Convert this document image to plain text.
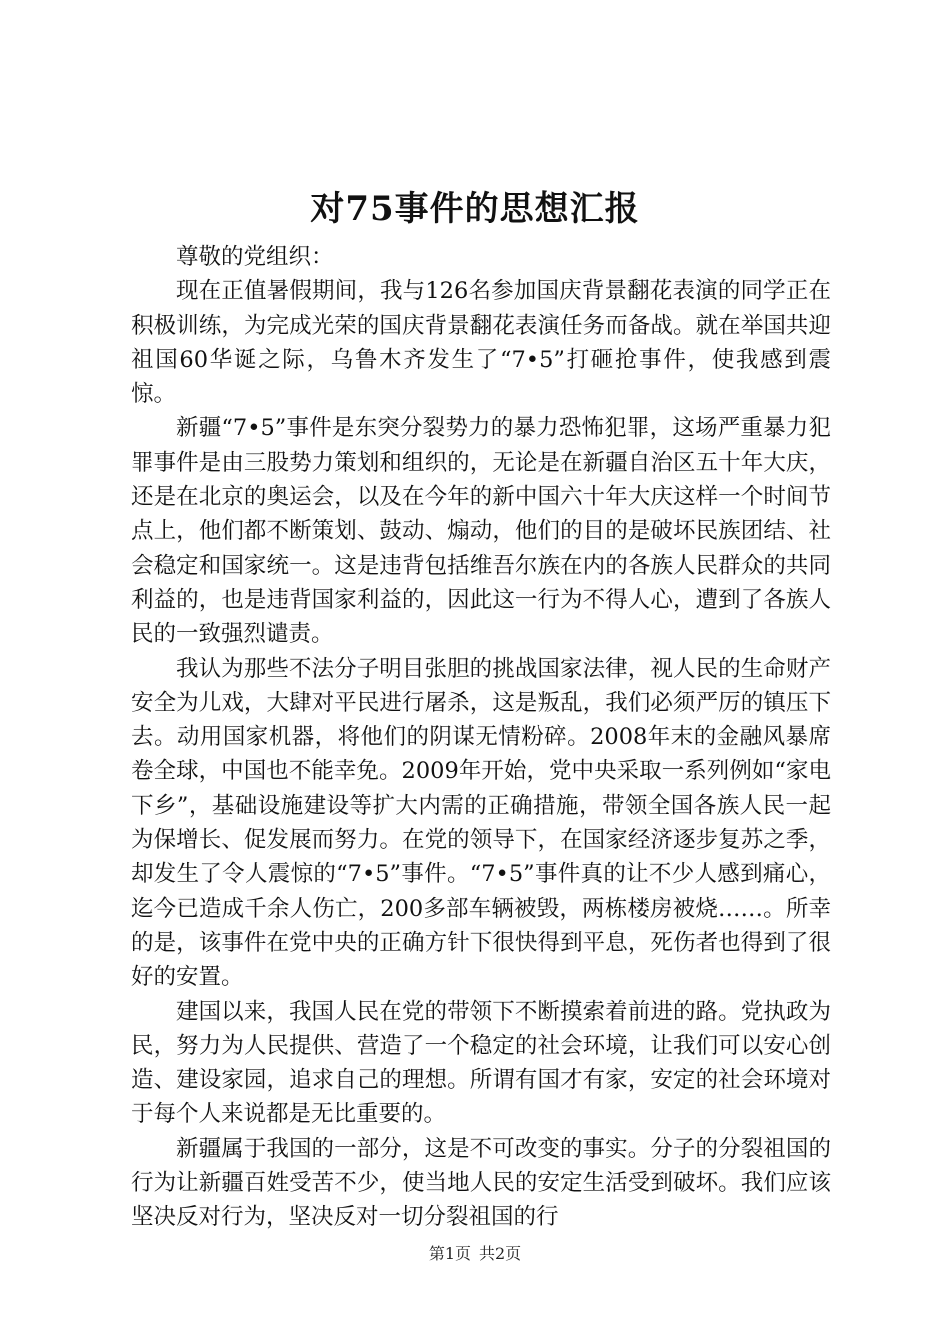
对75事件的思想汇报

尊敬的党组织：

现在正值暑假期间，我与126名参加国庆背景翻花表演的同学正在积极训练，为完成光荣的国庆背景翻花表演任务而备战。就在举国共迎祖国60华诞之际，乌鲁木齐发生了“7•5”打砸抢事件，使我感到震惊。

新疆“7•5”事件是东突分裂势力的暴力恐怖犯罪，这场严重暴力犯罪事件是由三股势力策划和组织的，无论是在新疆自治区五十年大庆，还是在北京的奥运会，以及在今年的新中国六十年大庆这样一个时间节点上，他们都不断策划、鼓动、煽动，他们的目的是破坏民族团结、社会稳定和国家统一。这是违背包括维吾尔族在内的各族人民群众的共同利益的，也是违背国家利益的，因此这一行为不得人心，遭到了各族人民的一致强烈谴责。

我认为那些不法分子明目张胆的挑战国家法律，视人民的生命财产安全为儿戏，大肆对平民进行屠杀，这是叛乱，我们必须严厉的镇压下去。动用国家机器，将他们的阴谋无情粉碎。2008年末的金融风暴席卷全球，中国也不能幸免。2009年开始，党中央采取一系列例如“家电下乡”，基础设施建设等扩大内需的正确措施，带领全国各族人民一起为保增长、促发展而努力。在党的领导下，在国家经济逐步复苏之季，却发生了令人震惊的“7•5”事件。“7•5”事件真的让不少人感到痛心，迄今已造成千余人伤亡，200多部车辆被毁，两栋楼房被烧……。所幸的是，该事件在党中央的正确方针下很快得到平息，死伤者也得到了很好的安置。

建国以来，我国人民在党的带领下不断摸索着前进的路。党执政为民，努力为人民提供、营造了一个稳定的社会环境，让我们可以安心创造、建设家园，追求自己的理想。所谓有国才有家，安定的社会环境对于每个人来说都是无比重要的。

新疆属于我国的一部分，这是不可改变的事实。分子的分裂祖国的行为让新疆百姓受苦不少，使当地人民的安定生活受到破坏。我们应该坚决反对行为，坚决反对一切分裂祖国的行

第1页 共2页
